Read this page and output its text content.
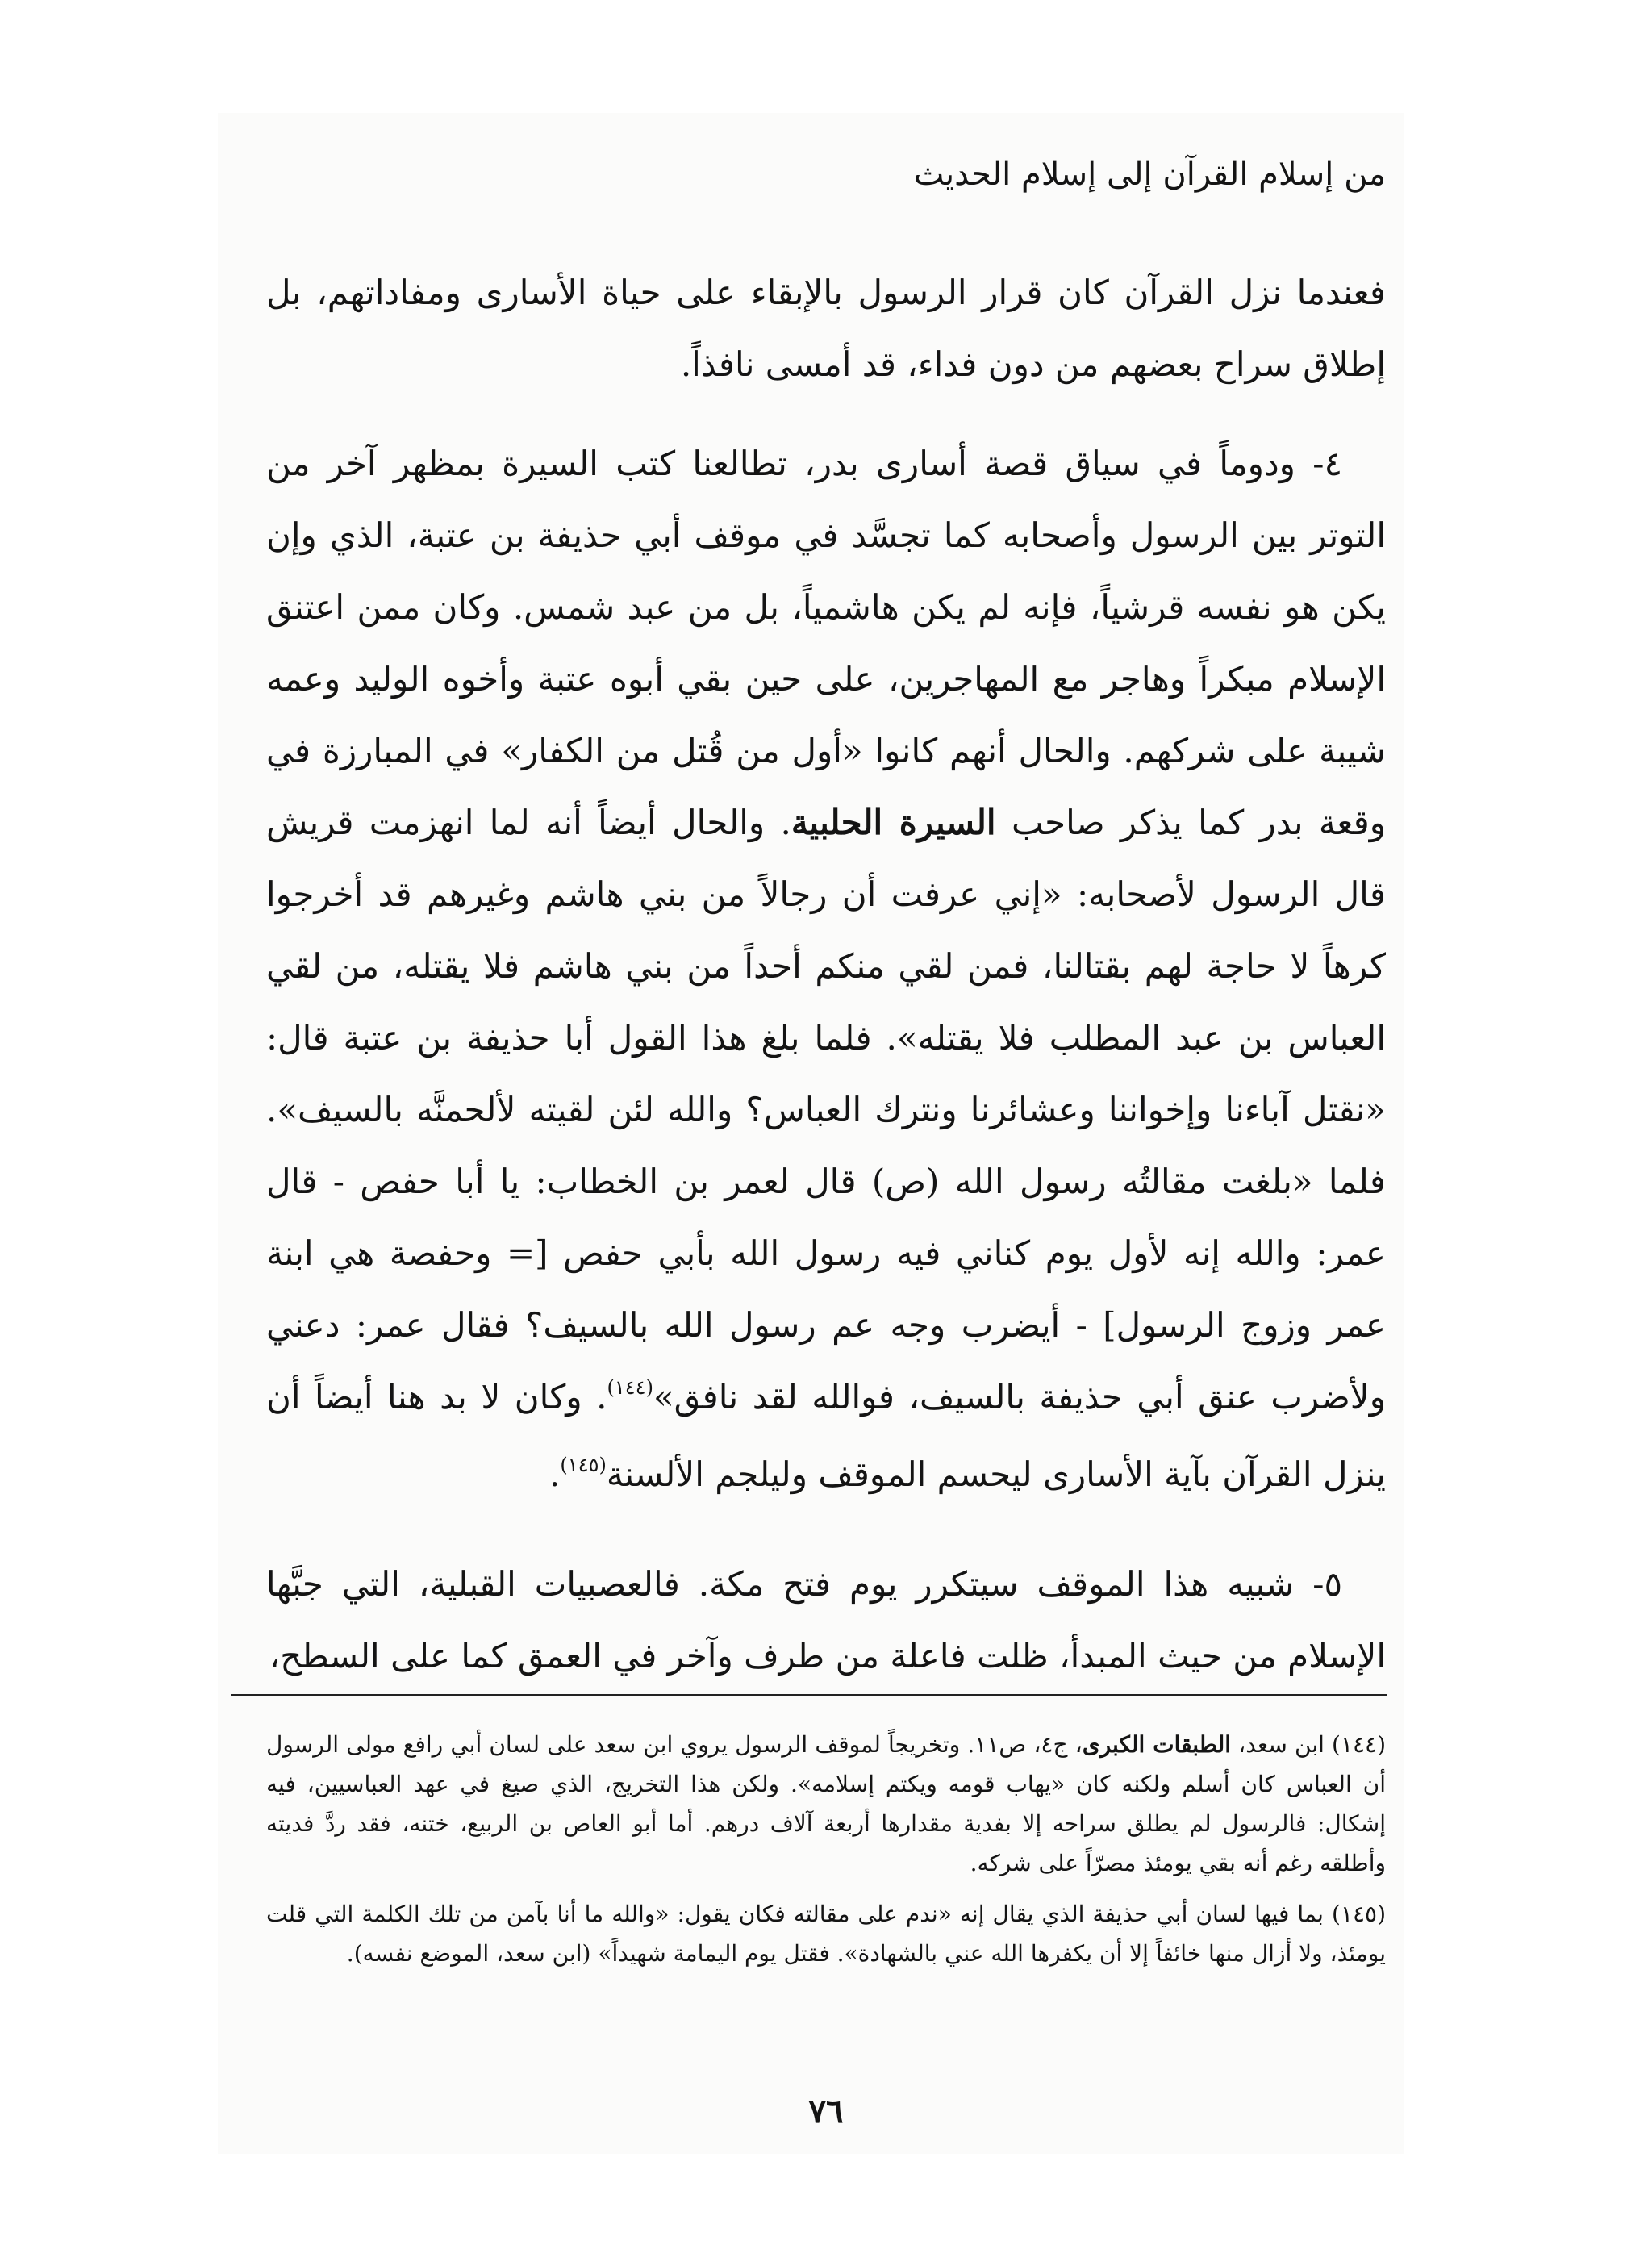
من إسلام القرآن إلى إسلام الحديث

فعندما نزل القرآن كان قرار الرسول بالإبقاء على حياة الأسارى ومفاداتهم، بل إطلاق سراح بعضهم من دون فداء، قد أمسى نافذاً.

٤- ودوماً في سياق قصة أسارى بدر، تطالعنا كتب السيرة بمظهر آخر من التوتر بين الرسول وأصحابه كما تجسَّد في موقف أبي حذيفة بن عتبة، الذي وإن يكن هو نفسه قرشياً، فإنه لم يكن هاشمياً، بل من عبد شمس. وكان ممن اعتنق الإسلام مبكراً وهاجر مع المهاجرين، على حين بقي أبوه عتبة وأخوه الوليد وعمه شيبة على شركهم. والحال أنهم كانوا «أول من قُتل من الكفار» في المبارزة في وقعة بدر كما يذكر صاحب السيرة الحلبية. والحال أيضاً أنه لما انهزمت قريش قال الرسول لأصحابه: «إني عرفت أن رجالاً من بني هاشم وغيرهم قد أخرجوا كرهاً لا حاجة لهم بقتالنا، فمن لقي منكم أحداً من بني هاشم فلا يقتله، من لقي العباس بن عبد المطلب فلا يقتله». فلما بلغ هذا القول أبا حذيفة بن عتبة قال: «نقتل آباءنا وإخواننا وعشائرنا ونترك العباس؟ والله لئن لقيته لألحمنَّه بالسيف». فلما «بلغت مقالتُه رسول الله (ص) قال لعمر بن الخطاب: يا أبا حفص - قال عمر: والله إنه لأول يوم كناني فيه رسول الله بأبي حفص [= وحفصة هي ابنة عمر وزوج الرسول] - أيضرب وجه عم رسول الله بالسيف؟ فقال عمر: دعني ولأضرب عنق أبي حذيفة بالسيف، فوالله لقد نافق»$^{(١٤٤)}$. وكان لا بد هنا أيضاً أن ينزل القرآن بآية الأسارى ليحسم الموقف وليلجم الألسنة$^{(١٤٥)}$.

٥- شبيه هذا الموقف سيتكرر يوم فتح مكة. فالعصبيات القبلية، التي جبَّها الإسلام من حيث المبدأ، ظلت فاعلة من طرف وآخر في العمق كما على السطح،

(١٤٤) ابن سعد، الطبقات الكبرى، ج٤، ص١١. وتخريجاً لموقف الرسول يروي ابن سعد على لسان أبي رافع مولى الرسول أن العباس كان أسلم ولكنه كان «يهاب قومه ويكتم إسلامه». ولكن هذا التخريج، الذي صيغ في عهد العباسيين، فيه إشكال: فالرسول لم يطلق سراحه إلا بفدية مقدارها أربعة آلاف درهم. أما أبو العاص بن الربيع، ختنه، فقد ردَّ فديته وأطلقه رغم أنه بقي يومئذ مصرّاً على شركه.

(١٤٥) بما فيها لسان أبي حذيفة الذي يقال إنه «ندم على مقالته فكان يقول: «والله ما أنا بآمن من تلك الكلمة التي قلت يومئذ، ولا أزال منها خائفاً إلا أن يكفرها الله عني بالشهادة». فقتل يوم اليمامة شهيداً» (ابن سعد، الموضع نفسه).

٧٦
